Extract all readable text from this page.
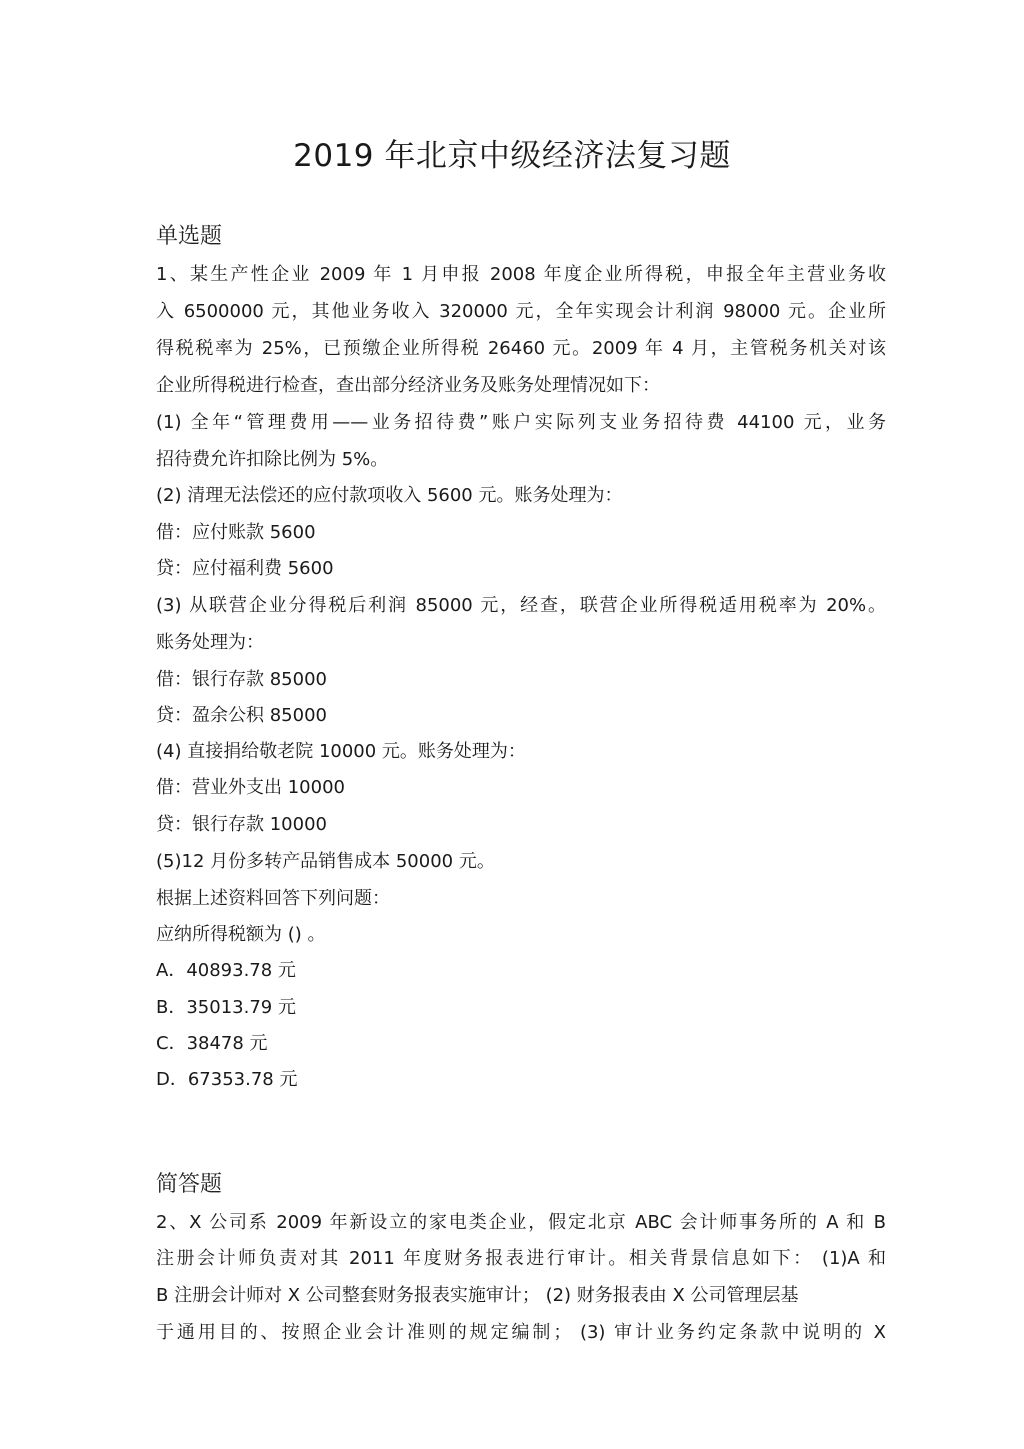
2019 年北京中级经济法复习题
单选题
1、某生产性企业 2009 年 1 月申报 2008 年度企业所得税，申报全年主营业务收
入 6500000 元，其他业务收入 320000 元，全年实现会计利润 98000 元。企业所
得税税率为 25%，已预缴企业所得税 26460 元。2009 年 4 月，主管税务机关对该
企业所得税进行检查，查出部分经济业务及账务处理情况如下：
(1) 全年“管理费用——业务招待费”账户实际列支业务招待费 44100 元，业务
招待费允许扣除比例为 5%。
(2) 清理无法偿还的应付款项收入 5600 元。账务处理为：
借：应付账款 5600
贷：应付福利费 5600
(3) 从联营企业分得税后利润 85000 元，经查，联营企业所得税适用税率为 20%。
账务处理为：
借：银行存款 85000
贷：盈余公积 85000
(4) 直接捐给敬老院 10000 元。账务处理为：
借：营业外支出 10000
贷：银行存款 10000
(5)12 月份多转产品销售成本 50000 元。
根据上述资料回答下列问题：
应纳所得税额为 () 。
A．40893.78 元
B．35013.79 元
C．38478 元
D．67353.78 元
简答题
2、X 公司系 2009 年新设立的家电类企业，假定北京 ABC 会计师事务所的 A 和 B
注册会计师负责对其 2011 年度财务报表进行审计。相关背景信息如下： (1)A 和
B 注册会计师对 X 公司整套财务报表实施审计； (2) 财务报表由 X 公司管理层基
于通用目的、按照企业会计准则的规定编制； (3) 审计业务约定条款中说明的 X
